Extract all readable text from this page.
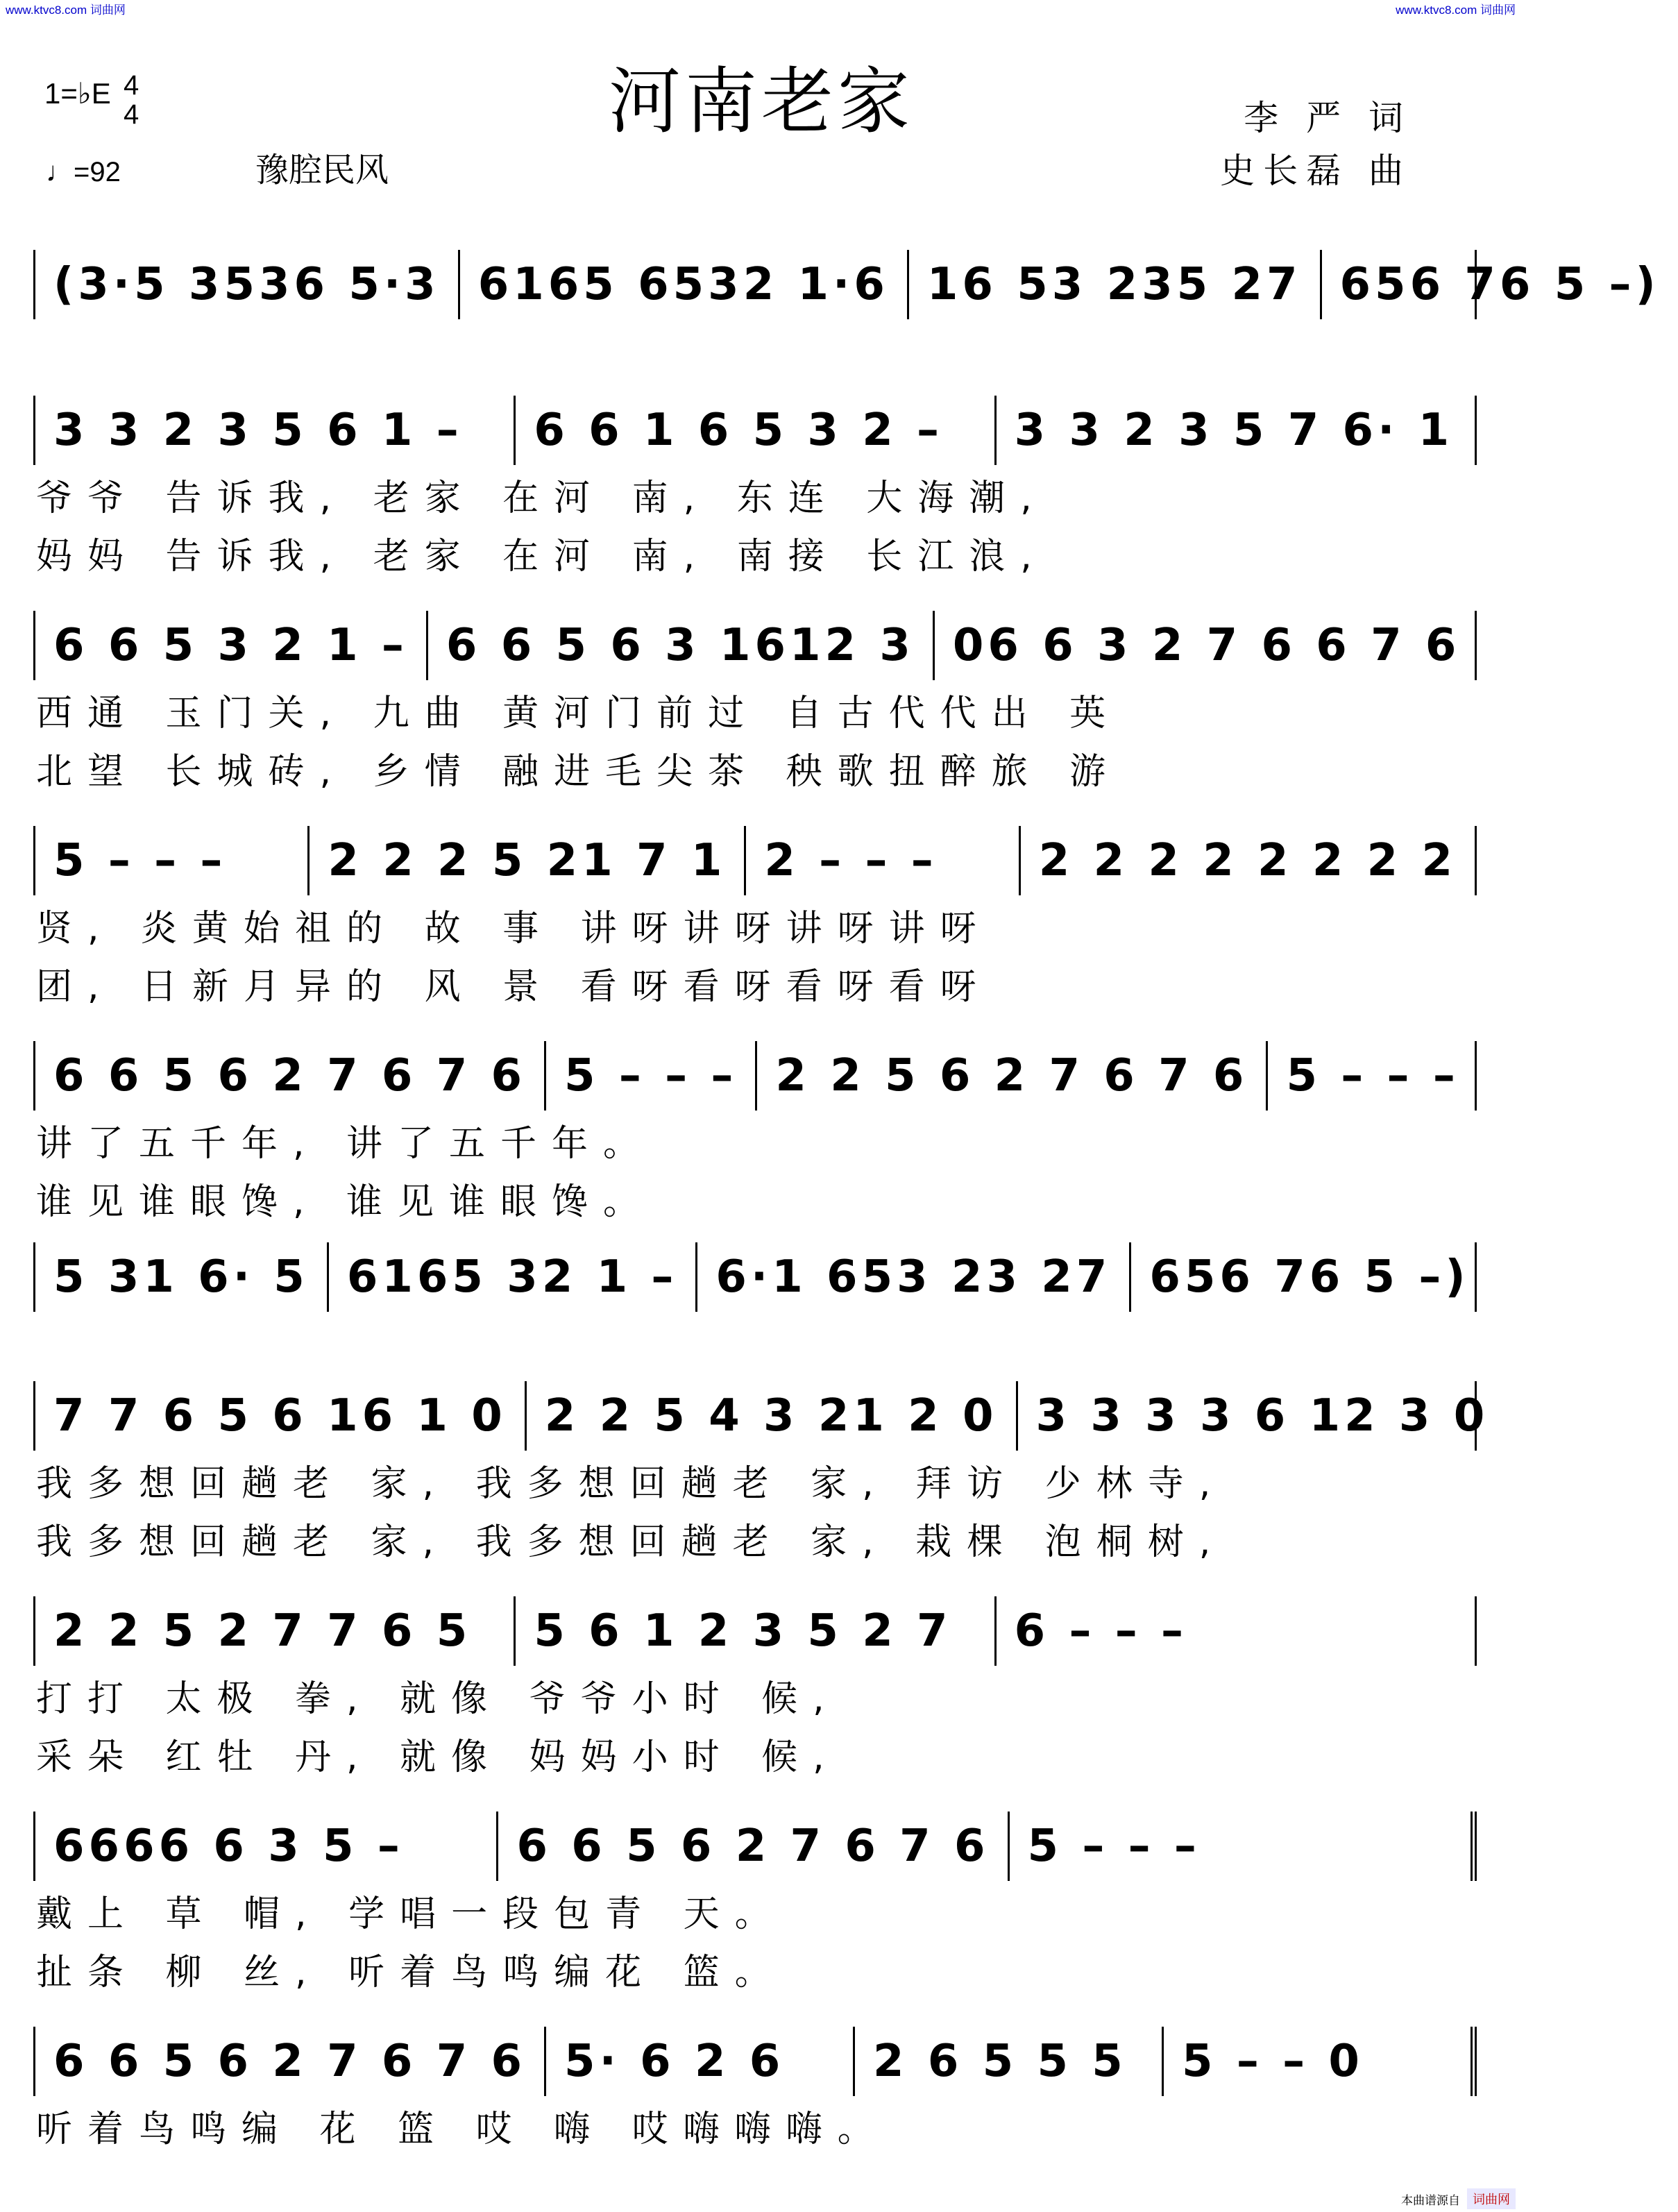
www.ktvc8.com 词曲网	www.ktvc8.com 词曲网
河南老家
1=♭E 4
4
♩=92	豫腔民风
李 严 词
史长磊 曲
(3·5 3536 5·3 6165 6532 1·6 16 53 235 27 656 76 5 –)
3 3 2 3 5 6 1 –	6 6 1 6 5 3 2 –	3 3 2 3 5 7 6· 1
爷爷 告诉我, 老家 在河 南, 东连 大海潮,
妈妈 告诉我, 老家 在河 南, 南接 长江浪,
6 6 5 3 2 1 – 6 6 5 6 3 1612 3 06 6 3 2 7 6 6 7 6
西通 玉门关, 九曲 黄河门前过 自古代代出 英
北望 长城砖, 乡情 融进毛尖茶 秧歌扭醉旅 游
5 – – –	2 2 2 5 21 7 1 2 – – –	2 2 2 2 2 2 2 2
贤, 炎黄始祖的 故 事 讲呀讲呀讲呀讲呀
团, 日新月异的 风 景 看呀看呀看呀看呀
6 6 5 6 2 7 6 7 6 5 – – – 2 2 5 6 2 7 6 7 6 5 – – –
讲了五千年, 讲了五千年。
谁见谁眼馋, 谁见谁眼馋。
5 31 6· 5 6165 32 1 – 6·1 653 23 27 656 76 5 –)
7 7 6 5 6 16 1 0 2 2 5 4 3 21 2 0 3 3 3 3 6 12 3 0
我多想回趟老 家, 我多想回趟老 家, 拜访 少林寺,
我多想回趟老 家, 我多想回趟老 家, 栽棵 泡桐树,
2 2 5 2 7 7 6 5	5 6 1 2 3 5 2 7	6 – – –
打打 太极 拳, 就像 爷爷小时 候,
采朵 红牡 丹, 就像 妈妈小时 候,
6666 6 3 5 –	6 6 5 6 2 7 6 7 6 5 – – –
戴上 草 帽, 学唱一段包青 天。
扯条 柳 丝, 听着鸟鸣编花 篮。
6 6 5 6 2 7 6 7 6 5· 6 2 6	2 6 5 5 5	5 – – 0
听着鸟鸣编 花 篮 哎 嗨 哎嗨嗨嗨。
本曲谱源自	词曲网
